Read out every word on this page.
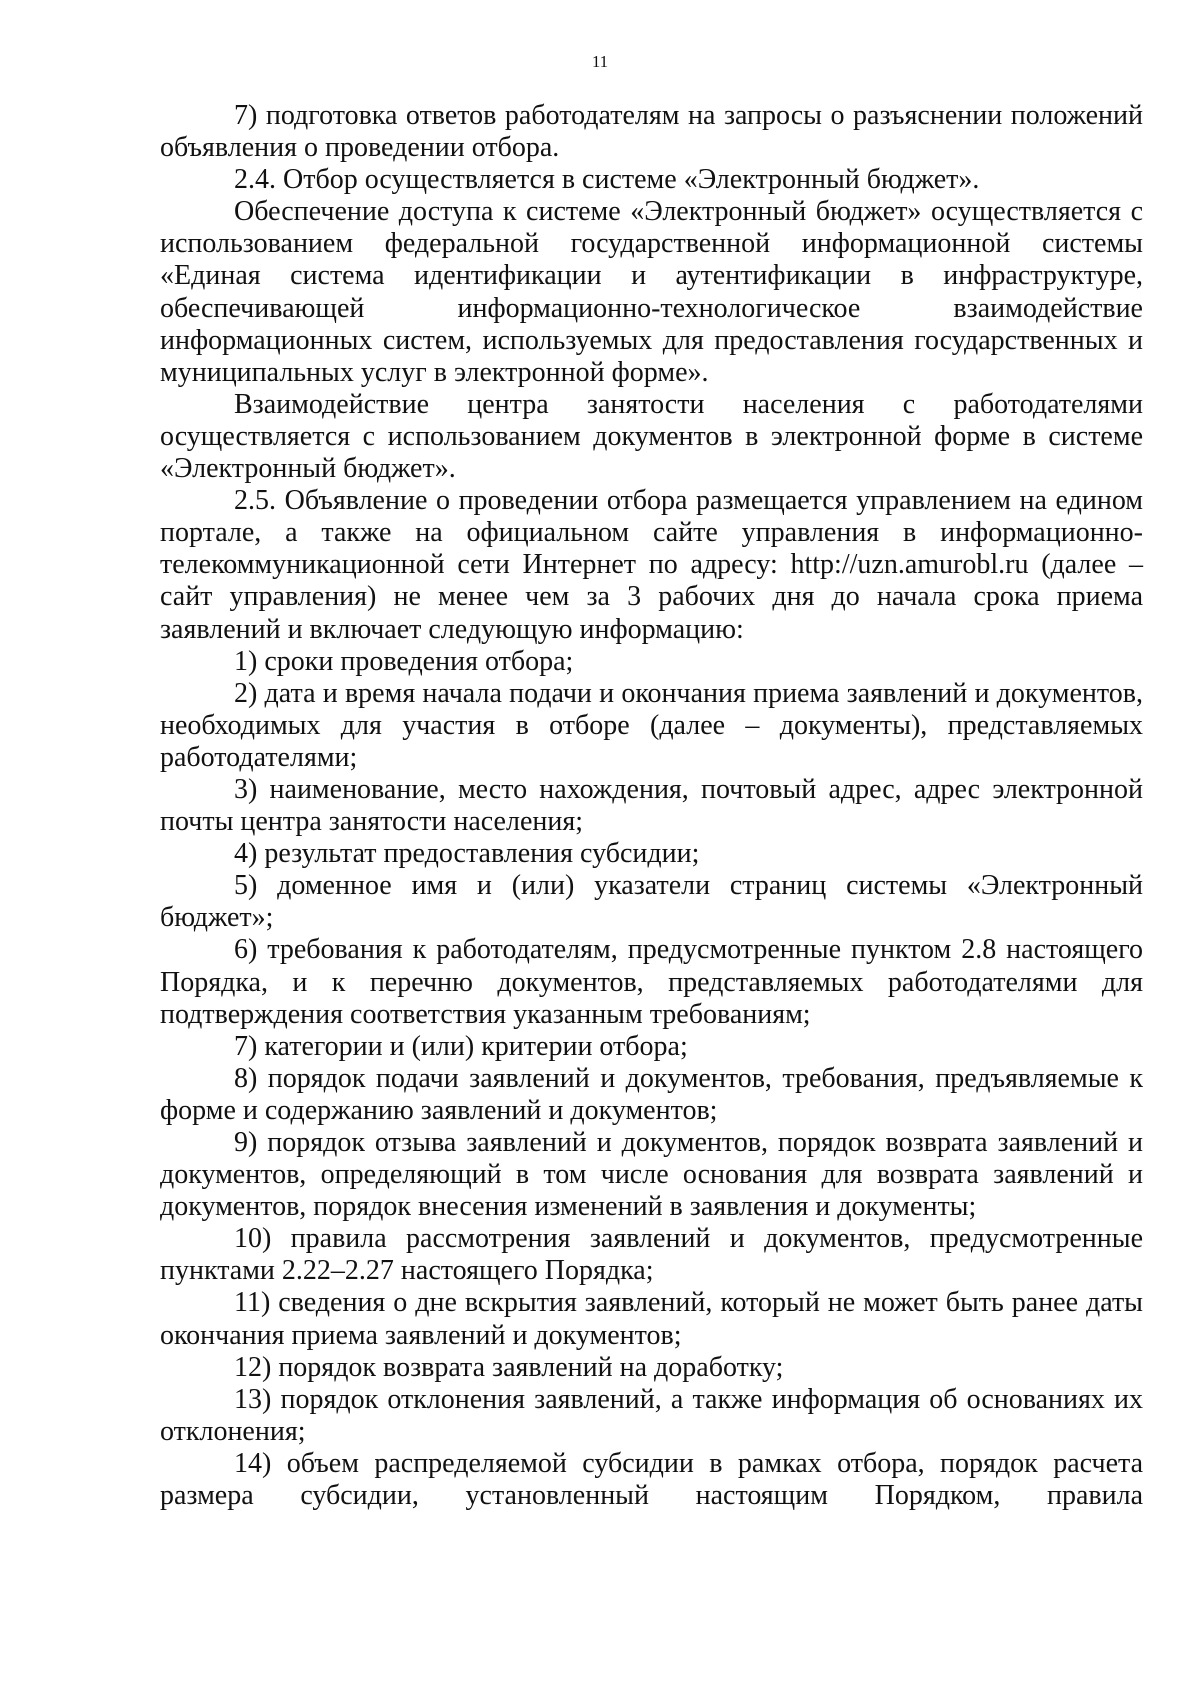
11

7) подготовка ответов работодателям на запросы о разъяснении положений объявления о проведении отбора.

2.4. Отбор осуществляется в системе «Электронный бюджет».

Обеспечение доступа к системе «Электронный бюджет» осуществляется с использованием федеральной государственной информационной системы «Единая система идентификации и аутентификации в инфраструктуре, обеспечивающей информационно-технологическое взаимодействие информационных систем, используемых для предоставления государственных и муниципальных услуг в электронной форме».

Взаимодействие центра занятости населения с работодателями осуществляется с использованием документов в электронной форме в системе «Электронный бюджет».

2.5. Объявление о проведении отбора размещается управлением на едином портале, а также на официальном сайте управления в информационно-телекоммуникационной сети Интернет по адресу: http://uzn.amurobl.ru (далее – сайт управления) не менее чем за 3 рабочих дня до начала срока приема заявлений и включает следующую информацию:

1) сроки проведения отбора;

2) дата и время начала подачи и окончания приема заявлений и документов, необходимых для участия в отборе (далее – документы), представляемых работодателями;

3) наименование, место нахождения, почтовый адрес, адрес электронной почты центра занятости населения;

4) результат предоставления субсидии;

5) доменное имя и (или) указатели страниц системы «Электронный бюджет»;

6) требования к работодателям, предусмотренные пунктом 2.8 настоящего Порядка, и к перечню документов, представляемых работодателями для подтверждения соответствия указанным требованиям;

7) категории и (или) критерии отбора;

8) порядок подачи заявлений и документов, требования, предъявляемые к форме и содержанию заявлений и документов;

9) порядок отзыва заявлений и документов, порядок возврата заявлений и документов, определяющий в том числе основания для возврата заявлений и документов, порядок внесения изменений в заявления и документы;

10) правила рассмотрения заявлений и документов, предусмотренные пунктами 2.22–2.27 настоящего Порядка;

11) сведения о дне вскрытия заявлений, который не может быть ранее даты окончания приема заявлений и документов;

12) порядок возврата заявлений на доработку;

13) порядок отклонения заявлений, а также информация об основаниях их отклонения;

14) объем распределяемой субсидии в рамках отбора, порядок расчета размера субсидии, установленный настоящим Порядком, правила
